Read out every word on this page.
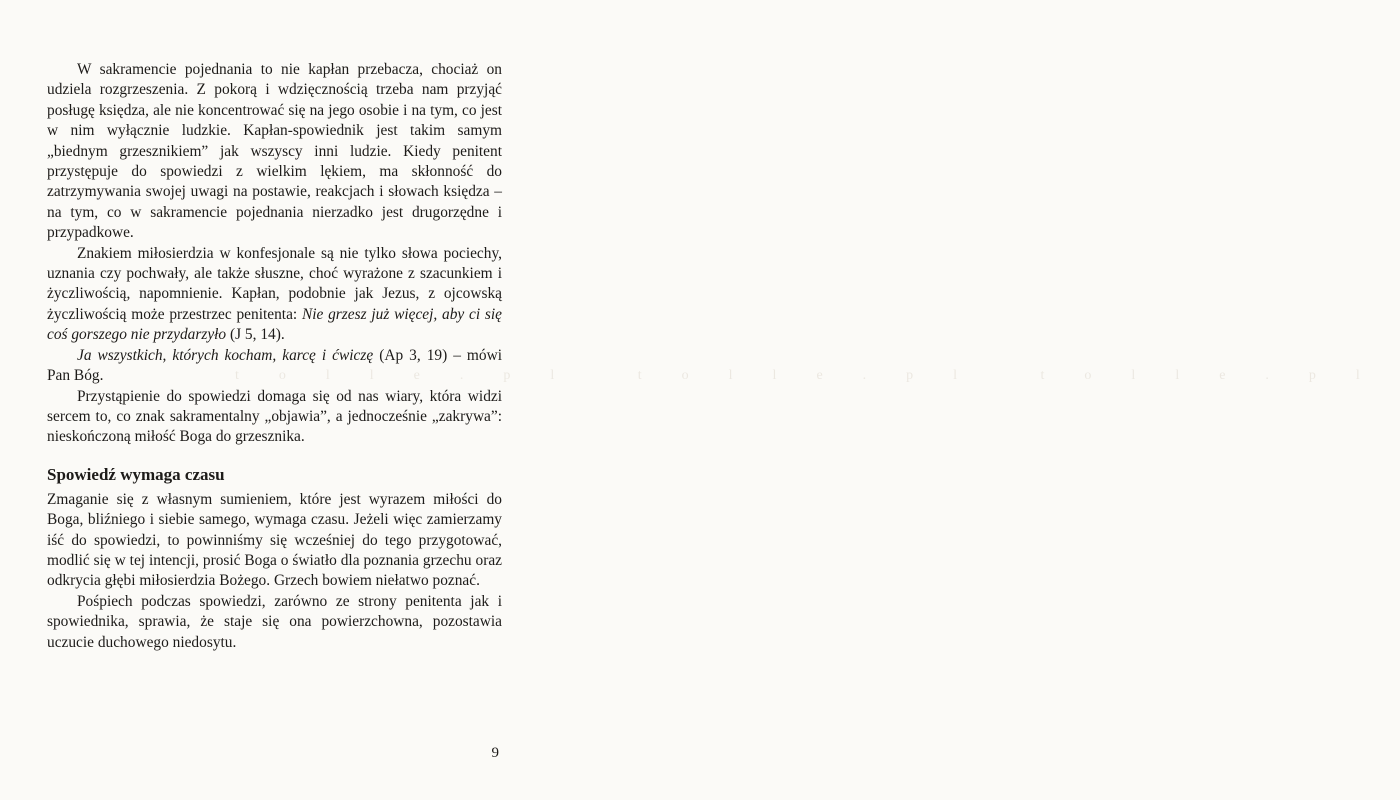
tolle.pl tolle.pl tolle.pl

W sakramencie pojednania to nie kapłan przebacza, chociaż on udziela rozgrzeszenia. Z pokorą i wdzięcznością trzeba nam przyjąć posługę księdza, ale nie koncentrować się na jego osobie i na tym, co jest w nim wyłącznie ludzkie. Kapłan-spowiednik jest takim samym „biednym grzesznikiem” jak wszyscy inni ludzie. Kiedy penitent przystępuje do spowiedzi z wielkim lękiem, ma skłonność do zatrzymywania swojej uwagi na postawie, reakcjach i słowach księdza – na tym, co w sakramencie pojednania nierzadko jest drugorzędne i przypadkowe.

Znakiem miłosierdzia w konfesjonale są nie tylko słowa pociechy, uznania czy pochwały, ale także słuszne, choć wyrażone z szacunkiem i życzliwością, napomnienie. Kapłan, podobnie jak Jezus, z ojcowską życzliwością może przestrzec penitenta: Nie grzesz już więcej, aby ci się coś gorszego nie przydarzyło (J 5, 14).

Ja wszystkich, których kocham, karcę i ćwiczę (Ap 3, 19) – mówi Pan Bóg.

Przystąpienie do spowiedzi domaga się od nas wiary, która widzi sercem to, co znak sakramentalny „objawia”, a jednocześnie „zakrywa”: nieskończoną miłość Boga do grzesznika.

Spowiedź wymaga czasu

Zmaganie się z własnym sumieniem, które jest wyrazem miłości do Boga, bliźniego i siebie samego, wymaga czasu. Jeżeli więc zamierzamy iść do spowiedzi, to powinniśmy się wcześniej do tego przygotować, modlić się w tej intencji, prosić Boga o światło dla poznania grzechu oraz odkrycia głębi miłosierdzia Bożego. Grzech bowiem niełatwo poznać.

Pośpiech podczas spowiedzi, zarówno ze strony penitenta jak i spowiednika, sprawia, że staje się ona powierzchowna, pozostawia uczucie duchowego niedosytu.

9
